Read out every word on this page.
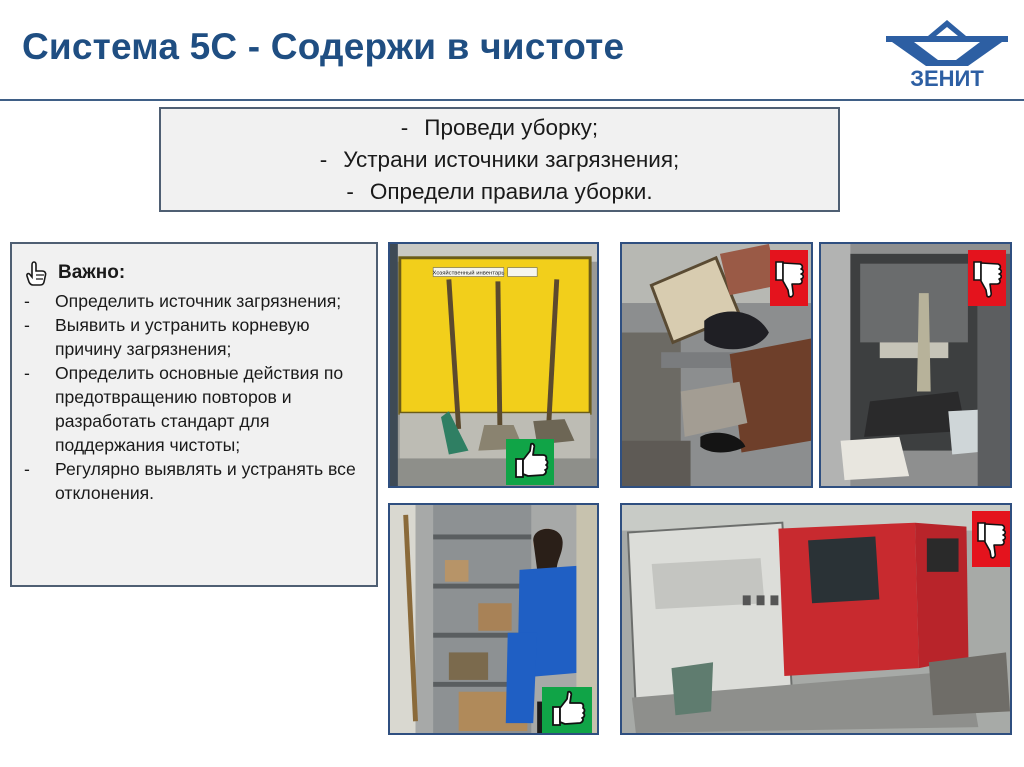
Система 5С - Содержи в чистоте
ЗЕНИТ
- Проведи уборку;
- Устрани источники загрязнения;
- Определи правила уборки.
Важно:
-	Определить источник загрязнения;
-	Выявить и устранить корневую причину загрязнения;
-	Определить основные действия по предотвращению повторов и разработать стандарт для поддержания чистоты;
-	Регулярно выявлять и устранять все отклонения.
Хозяйственный инвентарь
